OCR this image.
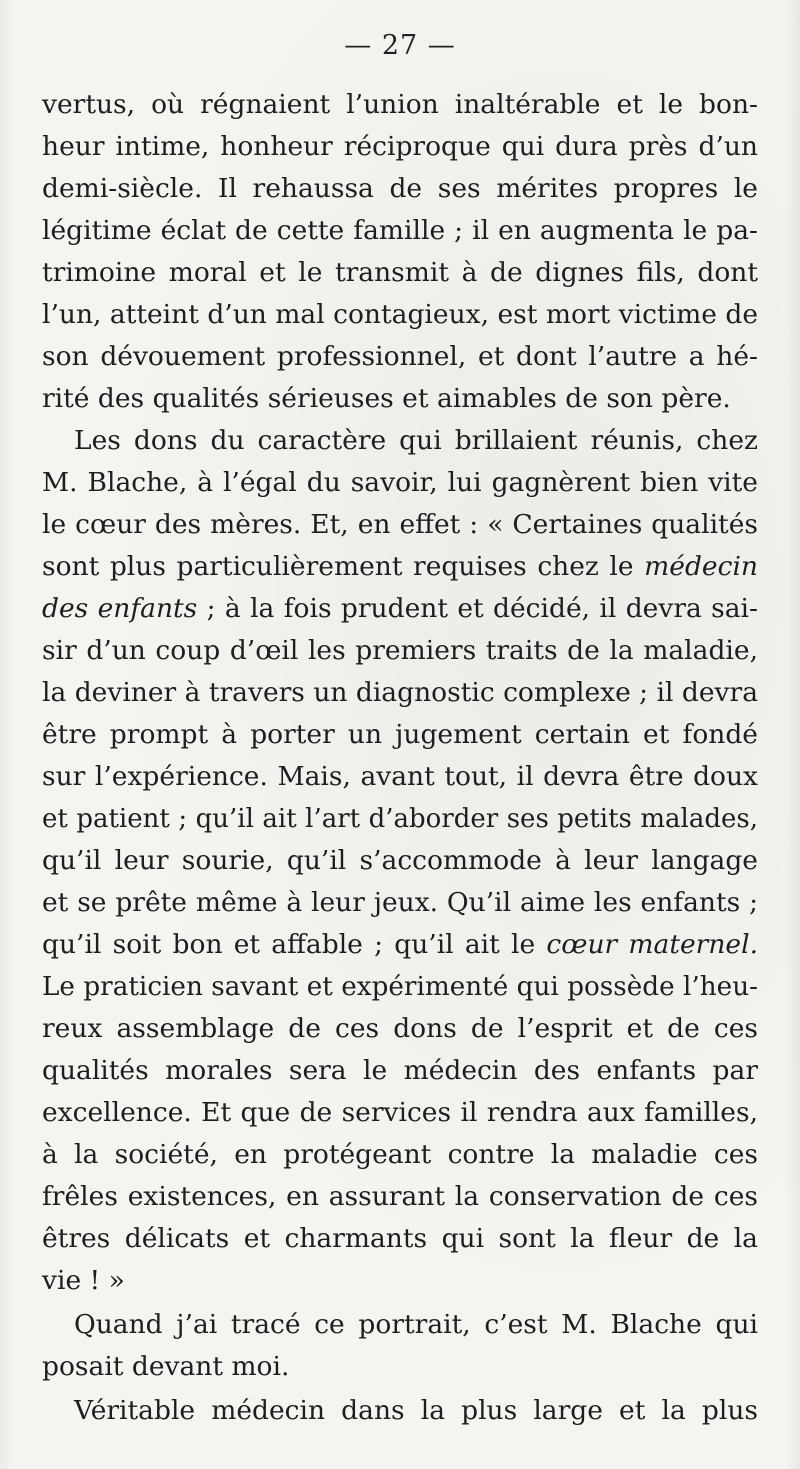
— 27 —
vertus, où régnaient l’union inaltérable et le bon-
heur intime, honheur réciproque qui dura près d’un
demi-siècle. Il rehaussa de ses mérites propres le
légitime éclat de cette famille ; il en augmenta le pa-
trimoine moral et le transmit à de dignes fils, dont
l’un, atteint d’un mal contagieux, est mort victime de
son dévouement professionnel, et dont l’autre a hé-
rité des qualités sérieuses et aimables de son père.
Les dons du caractère qui brillaient réunis, chez
M. Blache, à l’égal du savoir, lui gagnèrent bien vite
le cœur des mères. Et, en effet : « Certaines qualités
sont plus particulièrement requises chez le médecin
des enfants ; à la fois prudent et décidé, il devra sai-
sir d’un coup d’œil les premiers traits de la maladie,
la deviner à travers un diagnostic complexe ; il devra
être prompt à porter un jugement certain et fondé
sur l’expérience. Mais, avant tout, il devra être doux
et patient ; qu’il ait l’art d’aborder ses petits malades,
qu’il leur sourie, qu’il s’accommode à leur langage
et se prête même à leur jeux. Qu’il aime les enfants ;
qu’il soit bon et affable ; qu’il ait le cœur maternel.
Le praticien savant et expérimenté qui possède l’heu-
reux assemblage de ces dons de l’esprit et de ces
qualités morales sera le médecin des enfants par
excellence. Et que de services il rendra aux familles,
à la société, en protégeant contre la maladie ces
frêles existences, en assurant la conservation de ces
êtres délicats et charmants qui sont la fleur de la
vie ! »
Quand j’ai tracé ce portrait, c’est M. Blache qui
posait devant moi.
Véritable médecin dans la plus large et la plus
